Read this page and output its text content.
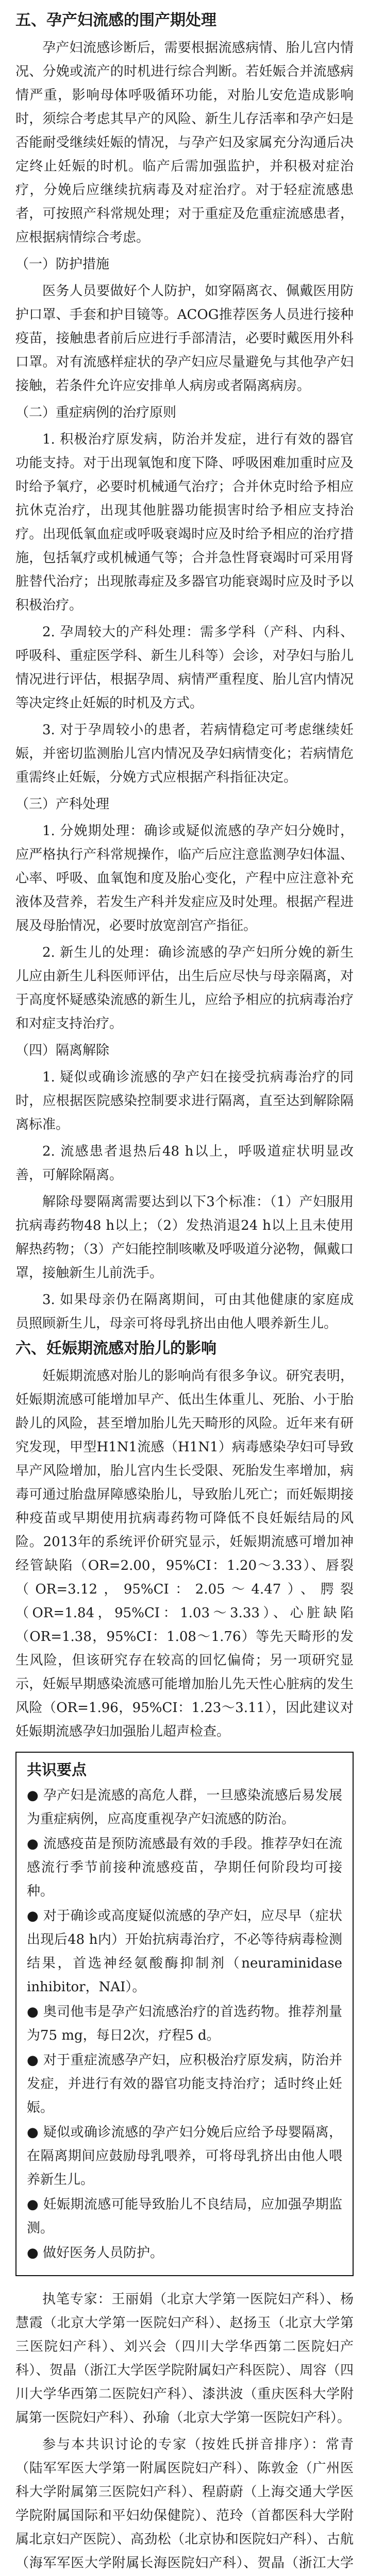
五、孕产妇流感的围产期处理

孕产妇流感诊断后，需要根据流感病情、胎儿宫内情况、分娩或流产的时机进行综合判断。若妊娠合并流感病情严重，影响母体呼吸循环功能，对胎儿安危造成影响时，须综合考虑其早产的风险、新生儿存活率和孕产妇是否能耐受继续妊娠的情况，与孕产妇及家属充分沟通后决定终止妊娠的时机。临产后需加强监护，并积极对症治疗，分娩后应继续抗病毒及对症治疗。对于轻症流感患者，可按照产科常规处理；对于重症及危重症流感患者，应根据病情综合考虑。

（一）防护措施

医务人员要做好个人防护，如穿隔离衣、佩戴医用防护口罩、手套和护目镜等。ACOG推荐医务人员进行接种疫苗，接触患者前后应进行手部清洁，必要时戴医用外科口罩。对有流感样症状的孕产妇应尽量避免与其他孕产妇接触，若条件允许应安排单人病房或者隔离病房。

（二）重症病例的治疗原则

1. 积极治疗原发病，防治并发症，进行有效的器官功能支持。对于出现氧饱和度下降、呼吸困难加重时应及时给予氧疗，必要时机械通气治疗；合并休克时给予相应抗休克治疗，出现其他脏器功能损害时给予相应支持治疗。出现低氧血症或呼吸衰竭时应及时给予相应的治疗措施，包括氧疗或机械通气等；合并急性肾衰竭时可采用肾脏替代治疗；出现脓毒症及多器官功能衰竭时应及时予以积极治疗。

2. 孕周较大的产科处理：需多学科（产科、内科、呼吸科、重症医学科、新生儿科等）会诊，对孕妇与胎儿情况进行评估，根据孕周、病情严重程度、胎儿宫内情况等决定终止妊娠的时机及方式。

3. 对于孕周较小的患者，若病情稳定可考虑继续妊娠，并密切监测胎儿宫内情况及孕妇病情变化；若病情危重需终止妊娠，分娩方式应根据产科指征决定。

（三）产科处理

1. 分娩期处理：确诊或疑似流感的孕产妇分娩时，应严格执行产科常规操作，临产后应注意监测孕妇体温、心率、呼吸、血氧饱和度及胎心变化，产程中应注意补充液体及营养，若发生产科并发症应及时处理。根据产程进展及母胎情况，必要时放宽剖宫产指征。

2. 新生儿的处理：确诊流感的孕产妇所分娩的新生儿应由新生儿科医师评估，出生后应尽快与母亲隔离，对于高度怀疑感染流感的新生儿，应给予相应的抗病毒治疗和对症支持治疗。

（四）隔离解除

1. 疑似或确诊流感的孕产妇在接受抗病毒治疗的同时，应根据医院感染控制要求进行隔离，直至达到解除隔离标准。

2. 流感患者退热后48 h以上，呼吸道症状明显改善，可解除隔离。

解除母婴隔离需要达到以下3个标准：（1）产妇服用抗病毒药物48 h以上；（2）发热消退24 h以上且未使用解热药物；（3）产妇能控制咳嗽及呼吸道分泌物，佩戴口罩，接触新生儿前洗手。

3. 如果母亲仍在隔离期间，可由其他健康的家庭成员照顾新生儿，母亲可将母乳挤出由他人喂养新生儿。

六、妊娠期流感对胎儿的影响

妊娠期流感对胎儿的影响尚有很多争议。研究表明，妊娠期流感可能增加早产、低出生体重儿、死胎、小于胎龄儿的风险，甚至增加胎儿先天畸形的风险。近年来有研究发现，甲型H1N1流感（H1N1）病毒感染孕妇可导致早产风险增加，胎儿宫内生长受限、死胎发生率增加，病毒可通过胎盘屏障感染胎儿，导致胎儿死亡；而妊娠期接种疫苗或早期使用抗病毒药物可降低不良妊娠结局的风险。2013年的系统评价研究显示，妊娠期流感可增加神经管缺陷（OR=2.00，95%CI：1.20～3.33）、唇裂（OR=3.12，95%CI：2.05～4.47）、腭裂（OR=1.84，95%CI：1.03～3.33）、心脏缺陷（OR=1.38，95%CI：1.08～1.76）等先天畸形的发生风险，但该研究存在较高的回忆偏倚；另一项研究显示，妊娠早期感染流感可能增加胎儿先天性心脏病的发生风险（OR=1.96，95%CI：1.23～3.11），因此建议对妊娠期流感孕妇加强胎儿超声检查。

共识要点

● 孕产妇是流感的高危人群，一旦感染流感后易发展为重症病例，应高度重视孕产妇流感的防治。

● 流感疫苗是预防流感最有效的手段。推荐孕妇在流感流行季节前接种流感疫苗，孕期任何阶段均可接种。

● 对于确诊或高度疑似流感的孕产妇，应尽早（症状出现后48 h内）开始抗病毒治疗，不必等待病毒检测结果，首选神经氨酸酶抑制剂（neuraminidase inhibitor，NAI）。

● 奥司他韦是孕产妇流感治疗的首选药物。推荐剂量为75 mg，每日2次，疗程5 d。

● 对于重症流感孕产妇，应积极治疗原发病，防治并发症，并进行有效的器官功能支持治疗；适时终止妊娠。

● 疑似或确诊流感的孕产妇分娩后应给予母婴隔离，在隔离期间应鼓励母乳喂养，可将母乳挤出由他人喂养新生儿。

● 妊娠期流感可能导致胎儿不良结局，应加强孕期监测。

● 做好医务人员防护。

执笔专家：王丽娟（北京大学第一医院妇产科）、杨慧霞（北京大学第一医院妇产科）、赵扬玉（北京大学第三医院妇产科）、刘兴会（四川大学华西第二医院妇产科）、贺晶（浙江大学医学院附属妇产科医院）、周容（四川大学华西第二医院妇产科）、漆洪波（重庆医科大学附属第一医院妇产科）、孙瑜（北京大学第一医院妇产科）。

参与本共识讨论的专家（按姓氏拼音排序）：常青（陆军军医大学第一附属医院妇产科）、陈敦金（广州医科大学附属第三医院妇产科）、程蔚蔚（上海交通大学医学院附属国际和平妇幼保健院）、范玲（首都医科大学附属北京妇产医院）、高劲松（北京协和医院妇产科）、古航（海军军医大学附属长海医院妇产科）、贺晶（浙江大学
